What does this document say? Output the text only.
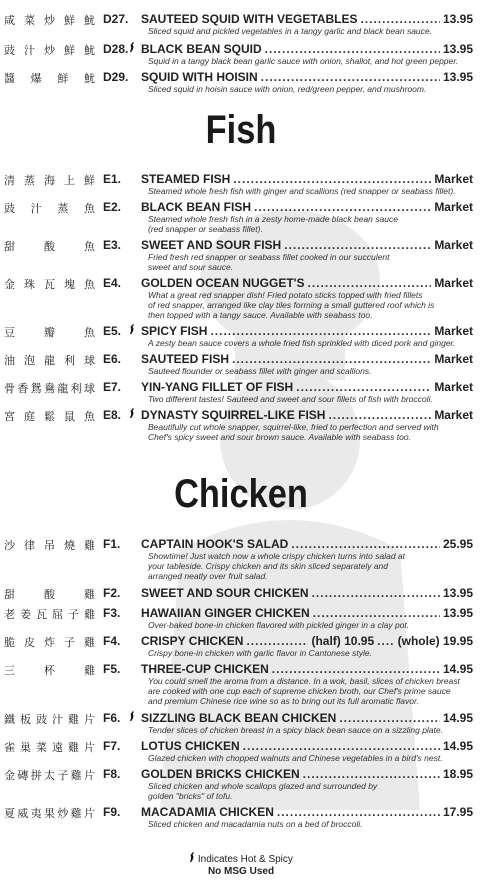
咸菜炒鮮魷 D27. SAUTEED SQUID WITH VEGETABLES .....	13.95
Sliced squid and pickled vegetables in a tangy garlic and black bean sauce.
豉汁炒鮮魷 D28. BLACK BEAN SQUID .....	13.95
Squid in a tangy black bean garlic sauce with onion, shallot, and hot green pepper.
醬爆鮮魷 D29. SQUID WITH HOISIN .....	13.95
Sliced squid in hoisin sauce with onion, red/green pepper, and mushroom.
Fish
清蒸海上鮮 E1. STEAMED FISH .....	Market
Steamed whole fresh fish with ginger and scallions (red snapper or seabass fillet).
豉汁蒸魚 E2. BLACK BEAN FISH .....	Market
Steamed whole fresh fish in a zesty home-made black bean sauce
(red snapper or seabass fillet).
甜酸魚 E3. SWEET AND SOUR FISH .....	Market
Fried fresh red snapper or seabass fillet cooked in our succulent
sweet and sour sauce.
金珠瓦塊魚 E4. GOLDEN OCEAN NUGGET'S .....	Market
What a great red snapper dish! Fried potato sticks topped with fried fillets
of red snapper, arranged like clay tiles forming a small guttered roof which is
then topped with a tangy sauce. Available with seabass too.
豆瓣魚 E5. SPICY FISH .....	Market
A zesty bean sauce covers a whole fried fish sprinkled with diced pork and ginger.
油泡龍利球 E6. SAUTEED FISH .....	Market
Sauteed flounder or seabass fillet with ginger and scallions.
骨香鴛鴦龍利球 E7. YIN-YANG FILLET OF FISH .....	Market
Two different tastes! Sauteed and sweet and sour fillets of fish with broccoli.
宮庭鬆鼠魚 E8. DYNASTY SQUIRREL-LIKE FISH .....	Market
Beautifully cut whole snapper, squirrel-like, fried to perfection and served with
Chef's spicy sweet and sour brown sauce. Available with seabass too.
Chicken
沙律吊燒雞 F1. CAPTAIN HOOK'S SALAD .....	25.95
Showtime! Just watch now a whole crispy chicken turns into salad at
your tableside. Crispy chicken and its skin sliced separately and
arranged neatly over fruit salad.
甜酸雞 F2. SWEET AND SOUR CHICKEN .....	13.95
老姜瓦屈子雞 F3. HAWAIIAN GINGER CHICKEN .....	13.95
Over-baked bone-in chicken flavored with pickled ginger in a clay pot.
脆皮炸子雞 F4. CRISPY CHICKEN .....	(half) 10.95 ..... (whole) 19.95
Crispy bone-in chicken with garlic flavor in Cantonese style.
三杯雞 F5. THREE-CUP CHICKEN .....	14.95
You could smell the aroma from a distance. In a wok, basil, slices of chicken breast
are cooked with one cup each of supreme chicken broth, our Chef's prime sauce
and premium Chinese rice wine so as to bring out its full aromatic flavor.
鐵板豉汁雞片 F6. SIZZLING BLACK BEAN CHICKEN .....	14.95
Tender slices of chicken breast in a spicy black bean sauce on a sizzling plate.
雀巢菜遠雞片 F7. LOTUS CHICKEN .....	14.95
Glazed chicken with chopped walnuts and Chinese vegetables in a bird's nest.
金磚拼太子雞片 F8. GOLDEN BRICKS CHICKEN .....	18.95
Sliced chicken and whole scallops glazed and surrounded by
golden "bricks" of tofu.
夏威夷果炒雞片 F9. MACADAMIA CHICKEN .....	17.95
Sliced chicken and macadamia nuts on a bed of broccoli.
Indicates Hot & Spicy
No MSG Used
